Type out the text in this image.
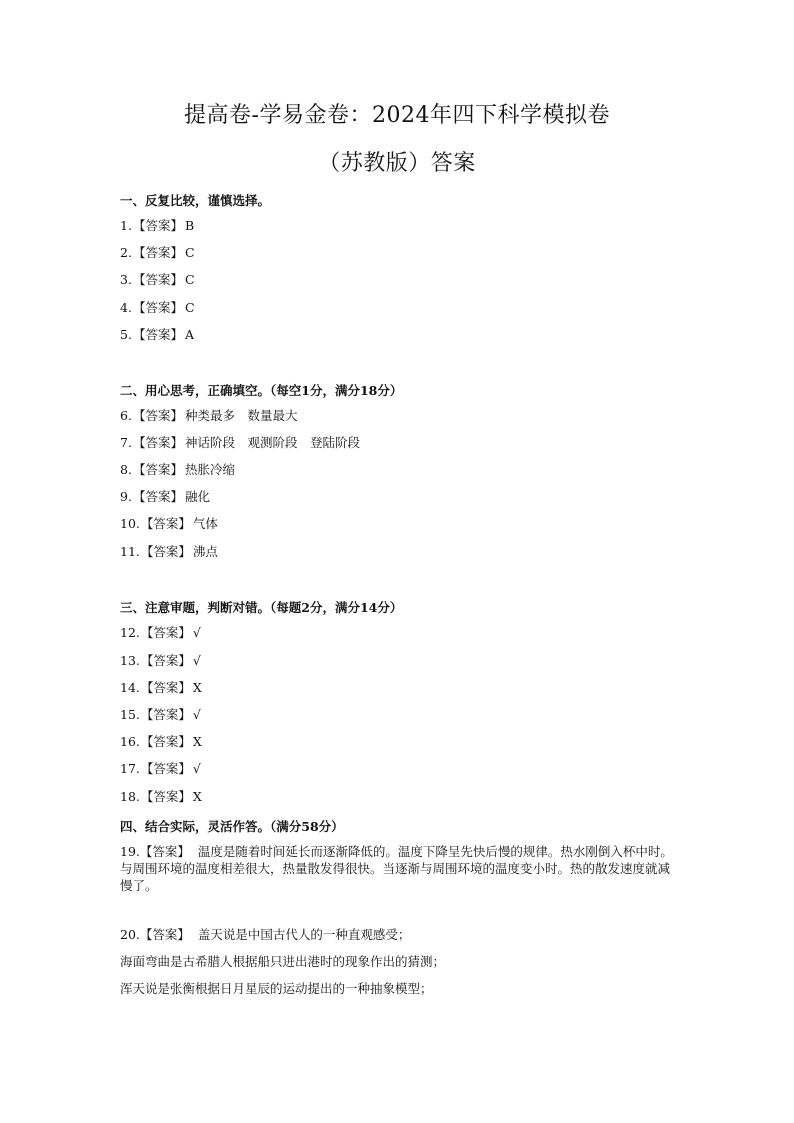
提高卷-学易金卷：2024年四下科学模拟卷
（苏教版）答案
一、反复比较，谨慎选择。
1.【答案】 B
2.【答案】 C
3.【答案】 C
4.【答案】 C
5.【答案】 A
二、用心思考，正确填空。（每空1分，满分18分）
6.【答案】 种类最多　数量最大
7.【答案】 神话阶段　观测阶段　登陆阶段
8.【答案】 热胀冷缩
9.【答案】 融化
10.【答案】 气体
11.【答案】 沸点
三、注意审题，判断对错。（每题2分，满分14分）
12.【答案】 √
13.【答案】 √
14.【答案】 X
15.【答案】 √
16.【答案】 X
17.【答案】 √
18.【答案】 X
四、结合实际，灵活作答。（满分58分）
19.【答案】 温度是随着时间延长而逐渐降低的。温度下降呈先快后慢的规律。热水刚倒入杯中时。与周围环境的温度相差很大，热量散发得很快。当逐渐与周围环境的温度变小时。热的散发速度就减慢了。
20.【答案】 盖天说是中国古代人的一种直观感受；
海面弯曲是古希腊人根据船只进出港时的现象作出的猜测；
浑天说是张衡根据日月星辰的运动提出的一种抽象模型；
